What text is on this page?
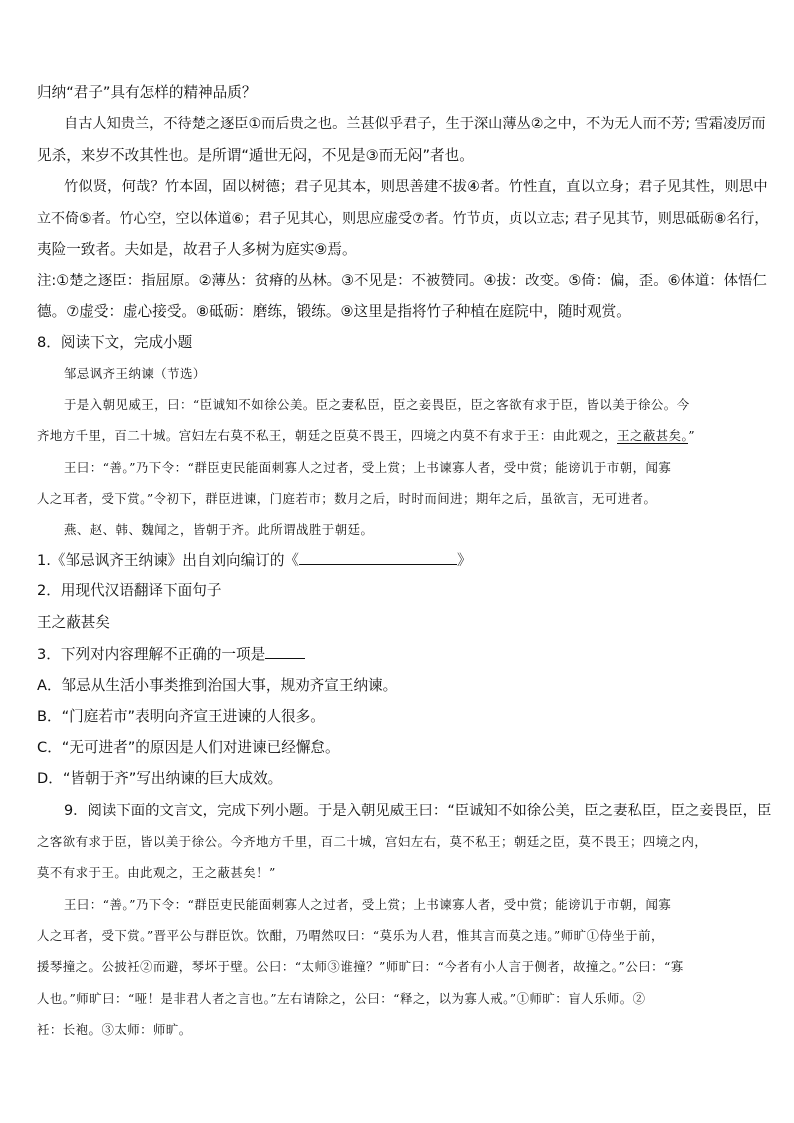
归纳“君子”具有怎样的精神品质？
自古人知贵兰，不待楚之逐臣①而后贵之也。兰甚似乎君子，生于深山薄丛②之中，不为无人而不芳; 雪霜凌厉而
见杀，来岁不改其性也。是所谓“遁世无闷，不见是③而无闷”者也。
竹似贤，何哉？竹本固，固以树德；君子见其本，则思善建不拔④者。竹性直，直以立身；君子见其性，则思中
立不倚⑤者。竹心空，空以体道⑥；君子见其心，则思应虚受⑦者。竹节贞，贞以立志; 君子见其节，则思砥砺⑧名行，
夷险一致者。夫如是，故君子人多树为庭实⑨焉。
注:①楚之逐臣：指屈原。②薄丛：贫瘠的丛林。③不见是：不被赞同。④拔：改变。⑤倚：偏，歪。⑥体道：体悟仁
德。⑦虚受：虚心接受。⑧砥砺：磨练，锻练。⑨这里是指将竹子种植在庭院中，随时观赏。
8．阅读下文，完成小题
邹忌讽齐王纳谏（节选）
于是入朝见威王，曰：“臣诚知不如徐公美。臣之妻私臣，臣之妾畏臣，臣之客欲有求于臣，皆以美于徐公。今
齐地方千里，百二十城。宫妇左右莫不私王，朝廷之臣莫不畏王，四境之内莫不有求于王：由此观之，王之蔽甚矣。”
王曰：“善。”乃下令：“群臣吏民能面刺寡人之过者，受上赏；上书谏寡人者，受中赏；能谤讥于市朝，闻寡
人之耳者，受下赏。”令初下，群臣进谏，门庭若市；数月之后，时时而间进；期年之后，虽欲言，无可进者。
燕、赵、韩、魏闻之，皆朝于齐。此所谓战胜于朝廷。
1.《邹忌讽齐王纳谏》出自刘向编订的《	》
2．用现代汉语翻译下面句子
王之蔽甚矣
3．下列对内容理解不正确的一项是
A．邹忌从生活小事类推到治国大事，规劝齐宣王纳谏。
B．“门庭若市”表明向齐宣王进谏的人很多。
C．“无可进者”的原因是人们对进谏已经懈怠。
D．“皆朝于齐”写出纳谏的巨大成效。
9．阅读下面的文言文，完成下列小题。于是入朝见威王曰：“臣诚知不如徐公美，臣之妻私臣，臣之妾畏臣，臣
之客欲有求于臣，皆以美于徐公。今齐地方千里，百二十城，宫妇左右，莫不私王；朝廷之臣，莫不畏王；四境之内，
莫不有求于王。由此观之，王之蔽甚矣！”
王曰：“善。”乃下令：“群臣吏民能面刺寡人之过者，受上赏；上书谏寡人者，受中赏；能谤讥于市朝，闻寡
人之耳者，受下赏。”晋平公与群臣饮。饮酣，乃喟然叹曰：“莫乐为人君，惟其言而莫之违。”师旷①侍坐于前，
援琴撞之。公披衽②而避，琴坏于壁。公曰：“太师③谁撞？”师旷曰：“今者有小人言于侧者，故撞之。”公曰：“寡
人也。”师旷曰：“哑！是非君人者之言也。”左右请除之，公曰：“释之，以为寡人戒。”①师旷：盲人乐师。②
衽：长袍。③太师：师旷。
